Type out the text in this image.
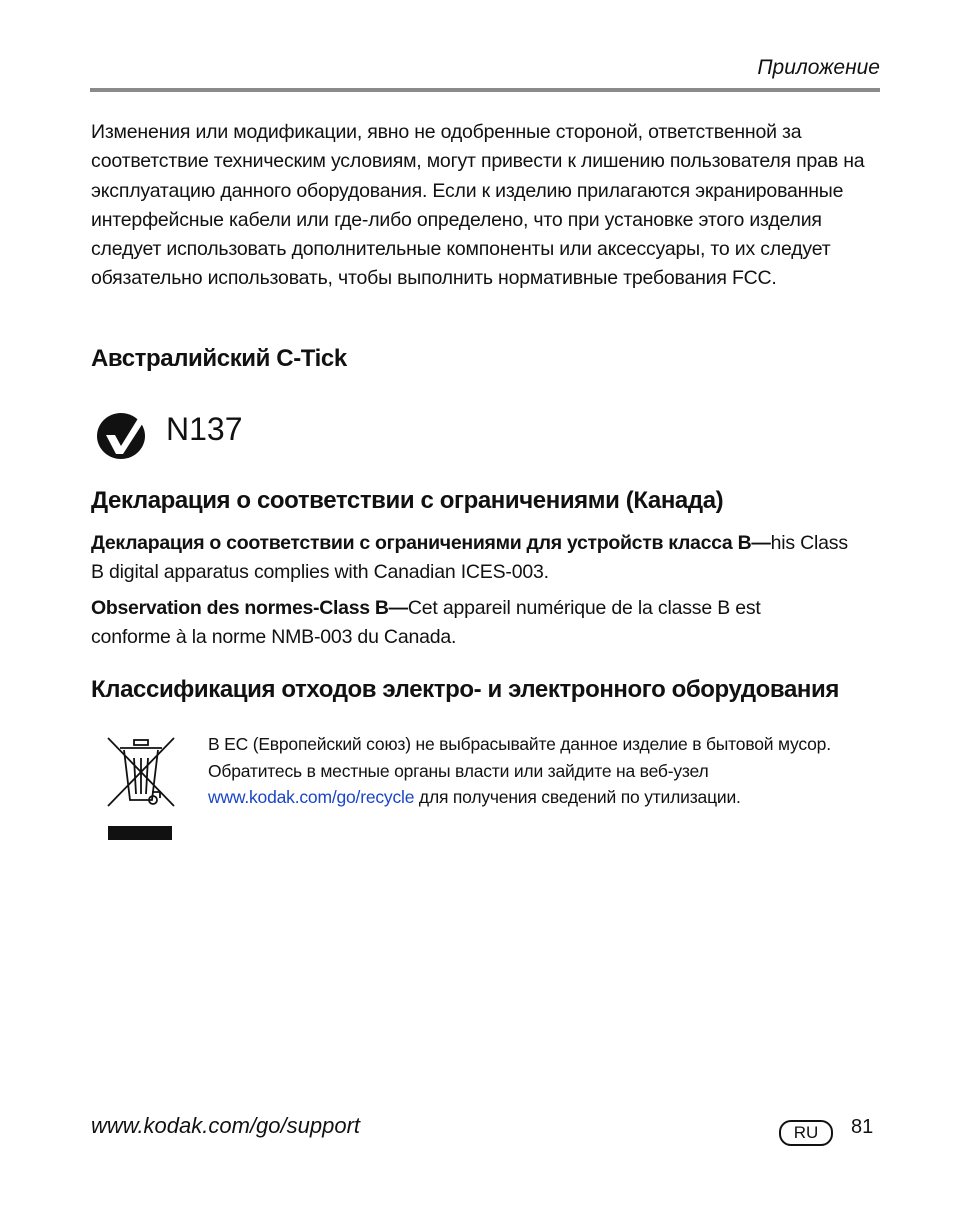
Приложение
Изменения или модификации, явно не одобренные стороной, ответственной за соответствие техническим условиям, могут привести к лишению пользователя прав на эксплуатацию данного оборудования. Если к изделию прилагаются экранированные интерфейсные кабели или где-либо определено, что при установке этого изделия следует использовать дополнительные компоненты или аксессуары, то их следует обязательно использовать, чтобы выполнить нормативные требования FCC.
Австралийский C-Tick
N137
Декларация о соответствии с ограничениями (Канада)
Декларация о соответствии с ограничениями для устройств класса B—his Class B digital apparatus complies with Canadian ICES-003.
Observation des normes-Class B—Cet appareil numérique de la classe B est conforme à la norme NMB-003 du Canada.
Классификация отходов электро- и электронного оборудования
В ЕС (Европейский союз) не выбрасывайте данное изделие в бытовой мусор. Обратитесь в местные органы власти или зайдите на веб-узел www.kodak.com/go/recycle для получения сведений по утилизации.
www.kodak.com/go/support	RU	81
